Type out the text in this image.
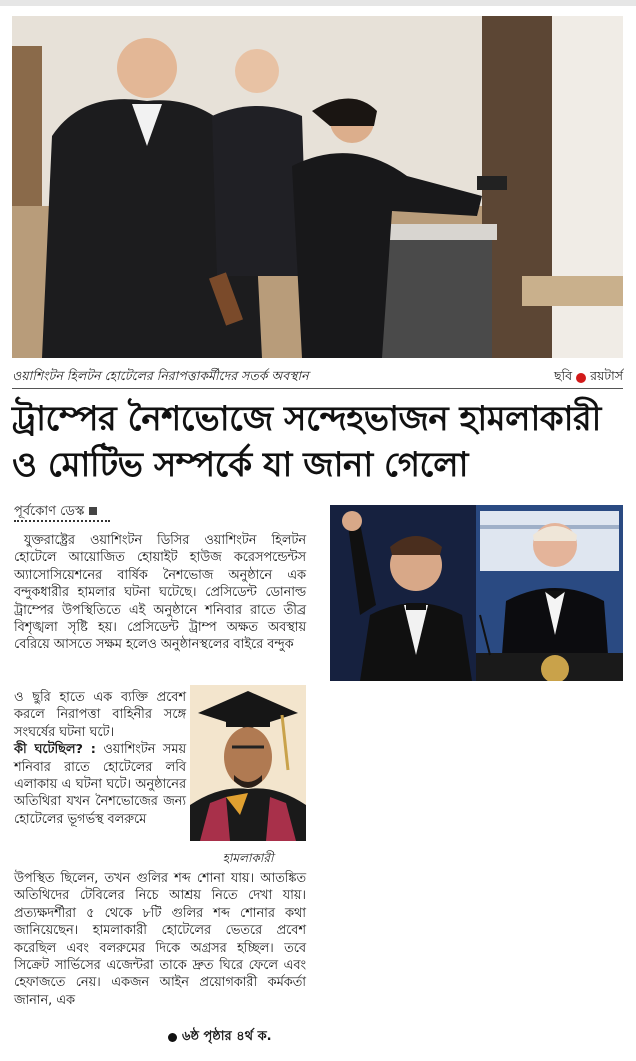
ওয়াশিংটন হিলটন হোটেলের নিরাপত্তাকর্মীদের সতর্ক অবস্থান	ছবি রয়টার্স
ট্রাম্পের নৈশভোজে সন্দেহভাজন হামলাকারী
ও মোটিভ সম্পর্কে যা জানা গেলো
পূর্বকোণ ডেস্ক

যুক্তরাষ্ট্রের ওয়াশিংটন ডিসির ওয়াশিংটন হিলটন হোটেলে আয়োজিত হোয়াইট হাউজ করেসপন্ডেন্টস অ্যাসোসিয়েশনের বার্ষিক নৈশভোজ অনুষ্ঠানে এক বন্দুকধারীর হামলার ঘটনা ঘটেছে। প্রেসিডেন্ট ডোনাল্ড ট্রাম্পের উপস্থিতিতে এই অনুষ্ঠানে শনিবার রাতে তীব্র বিশৃঙ্খলা সৃষ্টি হয়। প্রেসিডেন্ট ট্রাম্প অক্ষত অবস্থায় বেরিয়ে আসতে সক্ষম হলেও অনুষ্ঠানস্থলের বাইরে বন্দুক

ও ছুরি হাতে এক ব্যক্তি প্রবেশ করলে নিরাপত্তা বাহিনীর সঙ্গে সংঘর্ষের ঘটনা ঘটে।
কী ঘটেছিল? : ওয়াশিংটন সময় শনিবার রাতে হোটেলের লবি এলাকায় এ ঘটনা ঘটে। অনুষ্ঠানের অতিথিরা যখন নৈশভোজের জন্য হোটেলের ভূগর্ভস্থ বলরুমে

উপস্থিত ছিলেন, তখন গুলির শব্দ শোনা যায়। আতঙ্কিত অতিথিদের টেবিলের নিচে আশ্রয় নিতে দেখা যায়। প্রত্যক্ষদর্শীরা ৫ থেকে ৮টি গুলির শব্দ শোনার কথা জানিয়েছেন। হামলাকারী হোটেলের ভেতরে প্রবেশ করেছিল এবং বলরুমের দিকে অগ্রসর হচ্ছিল। তবে সিক্রেট সার্ভিসের এজেন্টরা তাকে দ্রুত ঘিরে ফেলে এবং হেফাজতে নেয়। একজন আইন প্রয়োগকারী কর্মকর্তা জানান, এক

৬ষ্ঠ পৃষ্ঠার ৪র্থ ক.
হামলাকারী
